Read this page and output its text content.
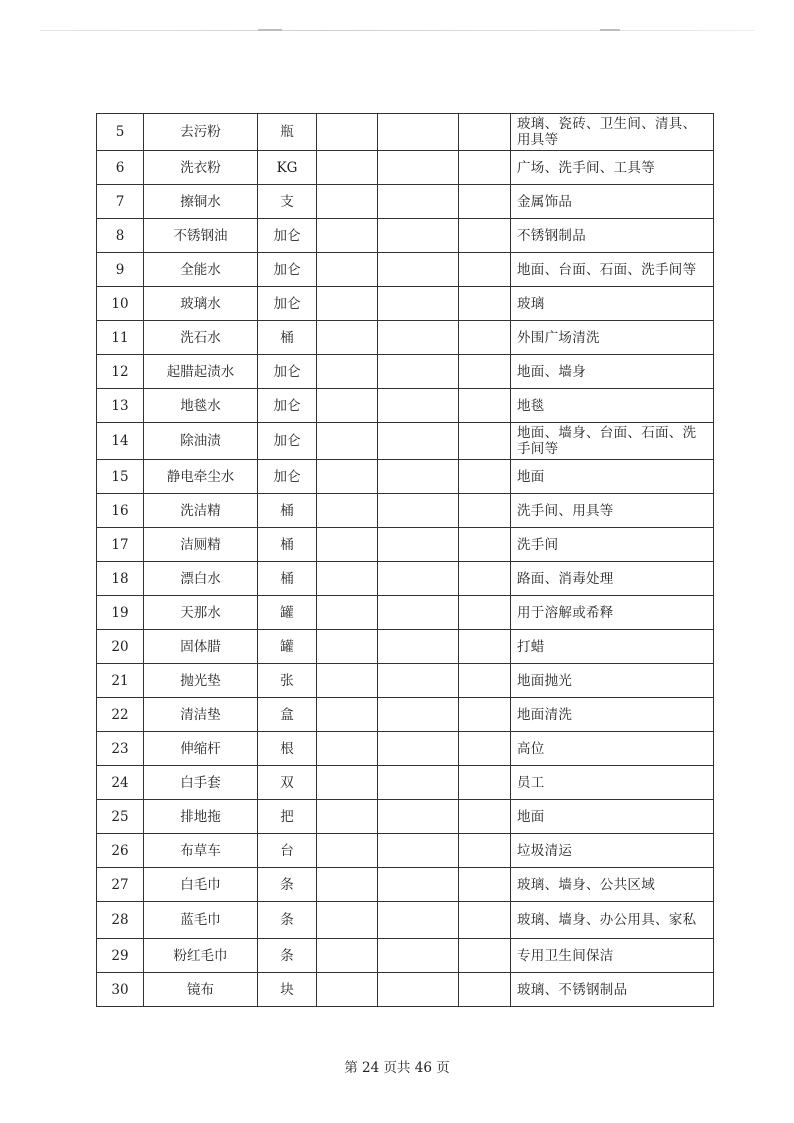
5	去污粉	瓶				玻璃、瓷砖、卫生间、清具、用具等
6	洗衣粉	KG				广场、洗手间、工具等
7	擦铜水	支				金属饰品
8	不锈钢油	加仑				不锈钢制品
9	全能水	加仑				地面、台面、石面、洗手间等
10	玻璃水	加仑				玻璃
11	洗石水	桶				外围广场清洗
12	起腊起渍水	加仑				地面、墙身
13	地毯水	加仑				地毯
14	除油渍	加仑				地面、墙身、台面、石面、洗手间等
15	静电牵尘水	加仑				地面
16	洗洁精	桶				洗手间、用具等
17	洁厕精	桶				洗手间
18	漂白水	桶				路面、消毒处理
19	天那水	罐				用于溶解或希释
20	固体腊	罐				打蜡
21	抛光垫	张				地面抛光
22	清洁垫	盒				地面清洗
23	伸缩杆	根				高位
24	白手套	双				员工
25	排地拖	把				地面
26	布草车	台				垃圾清运
27	白毛巾	条				玻璃、墙身、公共区域
28	蓝毛巾	条				玻璃、墙身、办公用具、家私
29	粉红毛巾	条				专用卫生间保洁
30	镜布	块				玻璃、不锈钢制品
第 24 页共 46 页
